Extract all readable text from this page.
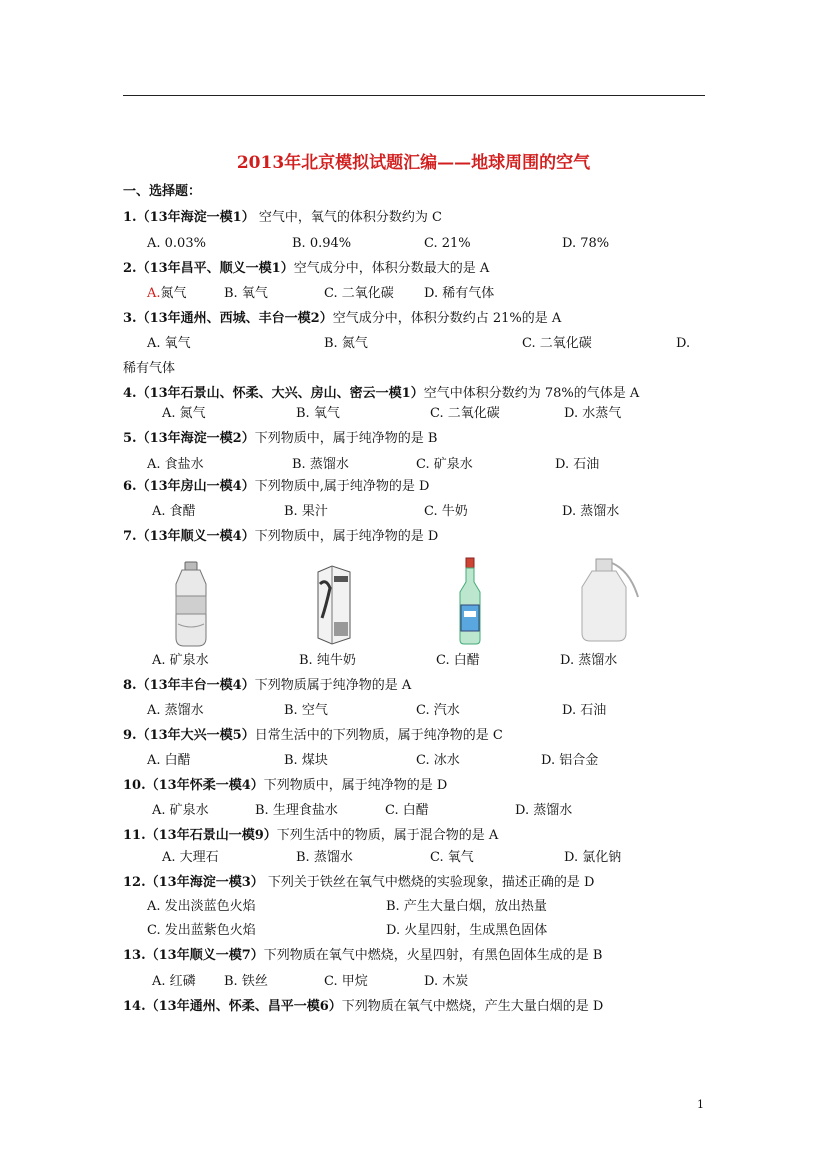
2013年北京模拟试题汇编——地球周围的空气
一、选择题：
1.（13年海淀一模1） 空气中，氧气的体积分数约为 C
A. 0.03%	B. 0.94%	C. 21%	D. 78%
2.（13年昌平、顺义一模1）空气成分中，体积分数最大的是 A
A.氮气	B. 氧气	C. 二氧化碳 D. 稀有气体
3.（13年通州、西城、丰台一模2）空气成分中，体积分数约占 21%的是 A
A. 氧气	B. 氮气	C. 二氧化碳	D.
稀有气体
4.（13年石景山、怀柔、大兴、房山、密云一模1）空气中体积分数约为 78%的气体是 A
A. 氮气	B. 氧气	C. 二氧化碳	D. 水蒸气
5.（13年海淀一模2）下列物质中，属于纯净物的是 B
A. 食盐水	B. 蒸馏水	C. 矿泉水	D. 石油
6.（13年房山一模4）下列物质中,属于纯净物的是 D
A. 食醋	B. 果汁	C. 牛奶	D. 蒸馏水
7.（13年顺义一模4）下列物质中，属于纯净物的是 D
A. 矿泉水	B. 纯牛奶	C. 白醋	D. 蒸馏水
8.（13年丰台一模4）下列物质属于纯净物的是 A
A. 蒸馏水	B. 空气	C. 汽水	D. 石油
9.（13年大兴一模5）日常生活中的下列物质，属于纯净物的是 C
A. 白醋	B. 煤块	C. 冰水	D. 铝合金
10.（13年怀柔一模4）下列物质中，属于纯净物的是 D
A. 矿泉水	B. 生理食盐水	C. 白醋	D. 蒸馏水
11.（13年石景山一模9）下列生活中的物质，属于混合物的是 A
A. 大理石	B. 蒸馏水	C. 氧气	D. 氯化钠
12.（13年海淀一模3） 下列关于铁丝在氧气中燃烧的实验现象，描述正确的是 D
A. 发出淡蓝色火焰	B. 产生大量白烟，放出热量
C. 发出蓝紫色火焰	D. 火星四射，生成黑色固体
13.（13年顺义一模7）下列物质在氧气中燃烧，火星四射，有黑色固体生成的是 B
A. 红磷 B. 铁丝	C. 甲烷	D. 木炭
14.（13年通州、怀柔、昌平一模6）下列物质在氧气中燃烧，产生大量白烟的是 D
1
